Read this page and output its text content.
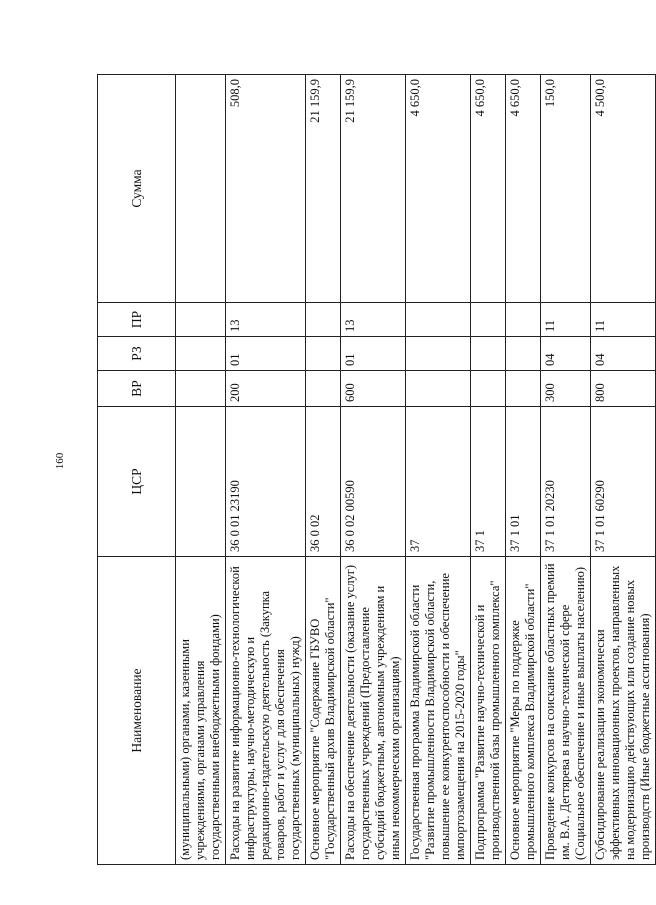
160
Наименование	ЦСР	ВР	РЗ	ПР	Сумма
(муниципальными) органами, казенными учреждениями, органами управления государственными внебюджетными фондами)					
Расходы на развитие информационно-технологической инфраструктуры, научно-методическую и редакционно-издательскую деятельность (Закупка товаров, работ и услуг для обеспечения государственных (муниципальных) нужд)	36 0 01 23190	200	01	13	508,0
Основное мероприятие "Содержание ГБУВО "Государственный архив Владимирской области"	36 0 02				21 159,9
Расходы на обеспечение деятельности (оказание услуг) государственных учреждений (Предоставление субсидий бюджетным, автономным учреждениям и иным некоммерческим организациям)	36 0 02 00590	600	01	13	21 159,9
Государственная программа Владимирской области "Развитие промышленности Владимирской области, повышение ее конкурентоспособности и обеспечение импортозамещения на 2015-2020 годы"	37				4 650,0
Подпрограмма "Развитие научно-технической и производственной базы промышленного комплекса"	37 1				4 650,0
Основное мероприятие "Меры по поддержке промышленного комплекса Владимирской области"	37 1 01				4 650,0
Проведение конкурсов на соискание областных премий им. В.А. Дегтярева в научно-технической сфере (Социальное обеспечение и иные выплаты населению)	37 1 01 20230	300	04	11	150,0
Субсидирование реализации экономически эффективных инновационных проектов, направленных на модернизацию действующих или создание новых производств (Иные бюджетные ассигнования)	37 1 01 60290	800	04	11	4 500,0
